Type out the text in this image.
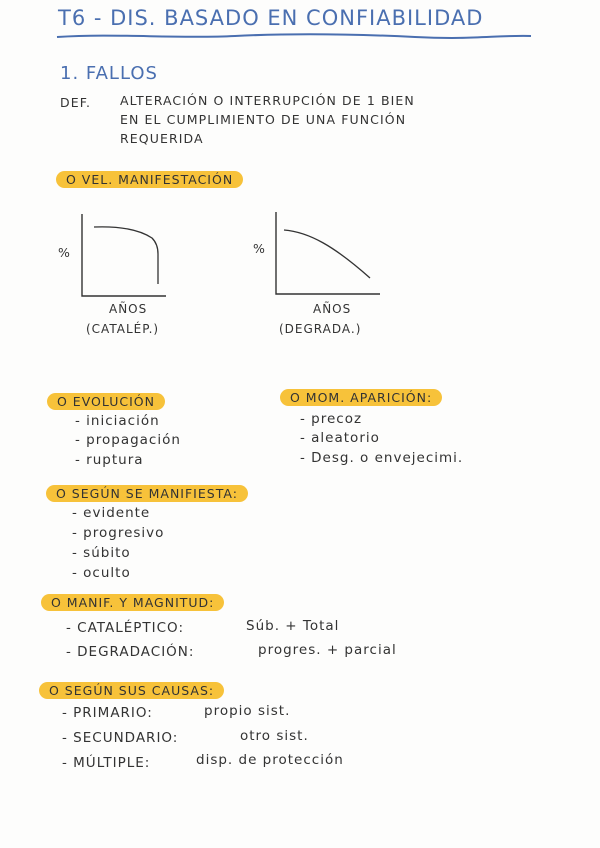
T6 - DIS. BASADO EN CONFIABILIDAD
1. FALLOS
DEF. ALTERACIÓN O INTERRUPCIÓN DE 1 BIEN
EN EL CUMPLIMIENTO DE UNA FUNCIÓN
REQUERIDA
O VEL. MANIFESTACIÓN
%
AÑOS
(CATALÉP.)
%
AÑOS
(DEGRADA.)
O EVOLUCIÓN
- iniciación
- propagación
- ruptura
O MOM. APARICIÓN:
- precoz
- aleatorio
- Desg. o envejecimi.
O SEGÚN SE MANIFIESTA:
- evidente
- progresivo
- súbito
- oculto
O MANIF. Y MAGNITUD:
- CATALÉPTICO:	Súb. + Total
- DEGRADACIÓN:	progres. + parcial
O SEGÚN SUS CAUSAS:
- PRIMARIO:	propio sist.
- SECUNDARIO:	otro sist.
- MÚLTIPLE:	disp. de protección
